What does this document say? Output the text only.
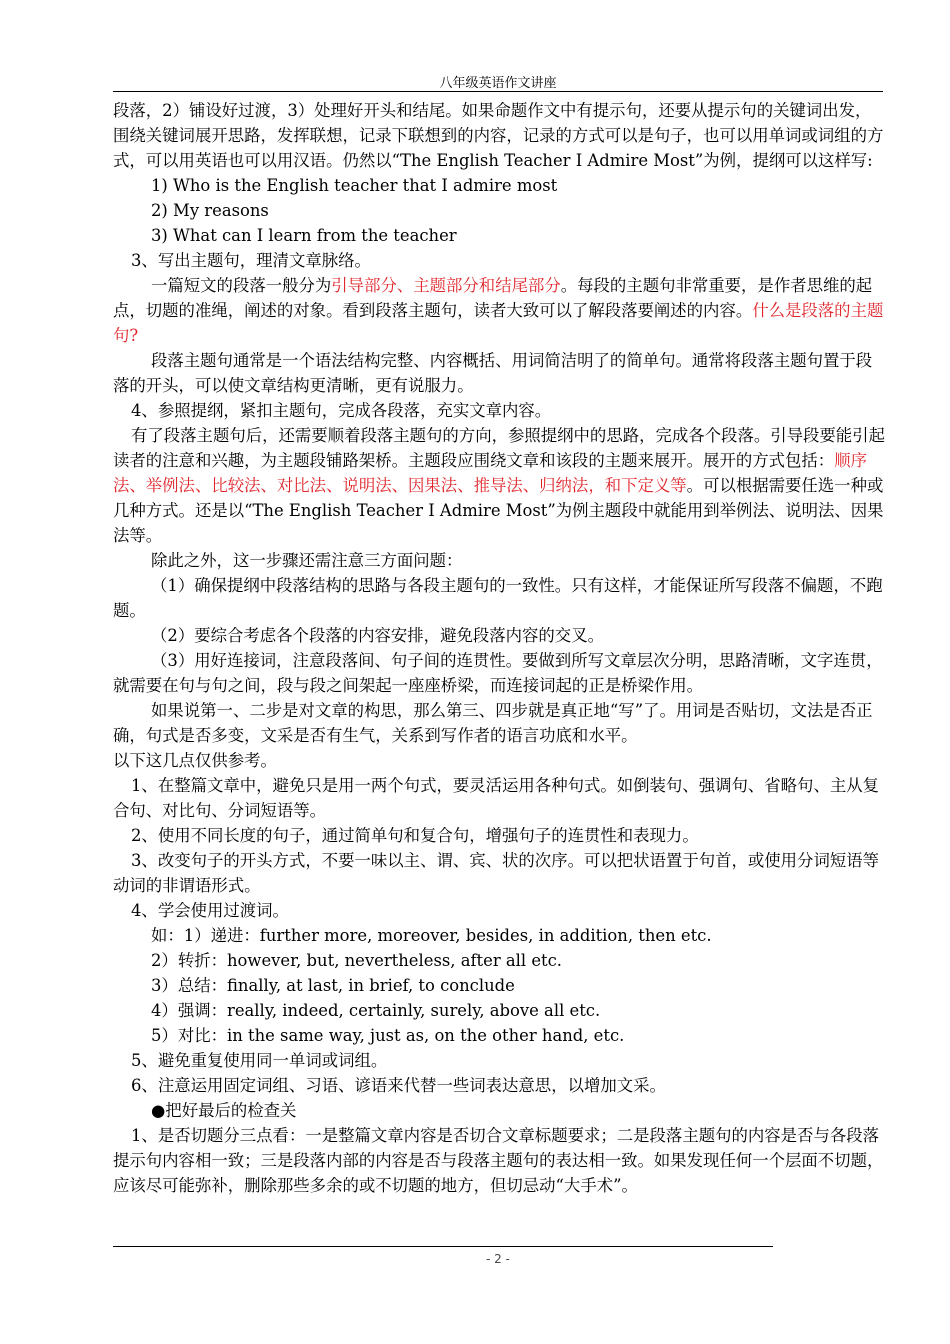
八年级英语作文讲座

段落，2）铺设好过渡，3）处理好开头和结尾。如果命题作文中有提示句，还要从提示句的关键词出发，围绕关键词展开思路，发挥联想，记录下联想到的内容，记录的方式可以是句子，也可以用单词或词组的方式，可以用英语也可以用汉语。仍然以“The English Teacher I Admire Most”为例，提纲可以这样写:

1) Who is the English teacher that I admire most

2) My reasons

3) What can I learn from the teacher

3、写出主题句，理清文章脉络。

一篇短文的段落一般分为引导部分、主题部分和结尾部分。每段的主题句非常重要，是作者思维的起点，切题的准绳，阐述的对象。看到段落主题句，读者大致可以了解段落要阐述的内容。什么是段落的主题句?

段落主题句通常是一个语法结构完整、内容概括、用词简洁明了的简单句。通常将段落主题句置于段落的开头，可以使文章结构更清晰，更有说服力。

4、参照提纲，紧扣主题句，完成各段落，充实文章内容。

有了段落主题句后，还需要顺着段落主题句的方向，参照提纲中的思路，完成各个段落。引导段要能引起读者的注意和兴趣，为主题段铺路架桥。主题段应围绕文章和该段的主题来展开。展开的方式包括：顺序法、举例法、比较法、对比法、说明法、因果法、推导法、归纳法，和下定义等。可以根据需要任选一种或几种方式。还是以“The English Teacher I Admire Most”为例主题段中就能用到举例法、说明法、因果法等。

除此之外，这一步骤还需注意三方面问题：

（1）确保提纲中段落结构的思路与各段主题句的一致性。只有这样，才能保证所写段落不偏题，不跑题。

（2）要综合考虑各个段落的内容安排，避免段落内容的交叉。

（3）用好连接词，注意段落间、句子间的连贯性。要做到所写文章层次分明，思路清晰，文字连贯，就需要在句与句之间，段与段之间架起一座座桥梁，而连接词起的正是桥梁作用。

如果说第一、二步是对文章的构思，那么第三、四步就是真正地“写”了。用词是否贴切，文法是否正确，句式是否多变，文采是否有生气，关系到写作者的语言功底和水平。

以下这几点仅供参考。

1、在整篇文章中，避免只是用一两个句式，要灵活运用各种句式。如倒装句、强调句、省略句、主从复合句、对比句、分词短语等。

2、使用不同长度的句子，通过简单句和复合句，增强句子的连贯性和表现力。

3、改变句子的开头方式，不要一味以主、谓、宾、状的次序。可以把状语置于句首，或使用分词短语等动词的非谓语形式。

4、学会使用过渡词。

如：1）递进：further more, moreover, besides, in addition, then etc.

2）转折：however, but, nevertheless, after all etc.

3）总结：finally, at last, in brief, to conclude

4）强调：really, indeed, certainly, surely, above all etc.

5）对比：in the same way, just as, on the other hand, etc.

5、避免重复使用同一单词或词组。

6、注意运用固定词组、习语、谚语来代替一些词表达意思，以增加文采。

●把好最后的检查关

1、是否切题分三点看：一是整篇文章内容是否切合文章标题要求；二是段落主题句的内容是否与各段落提示句内容相一致；三是段落内部的内容是否与段落主题句的表达相一致。如果发现任何一个层面不切题，应该尽可能弥补，删除那些多余的或不切题的地方，但切忌动“大手术”。

- 2 -
